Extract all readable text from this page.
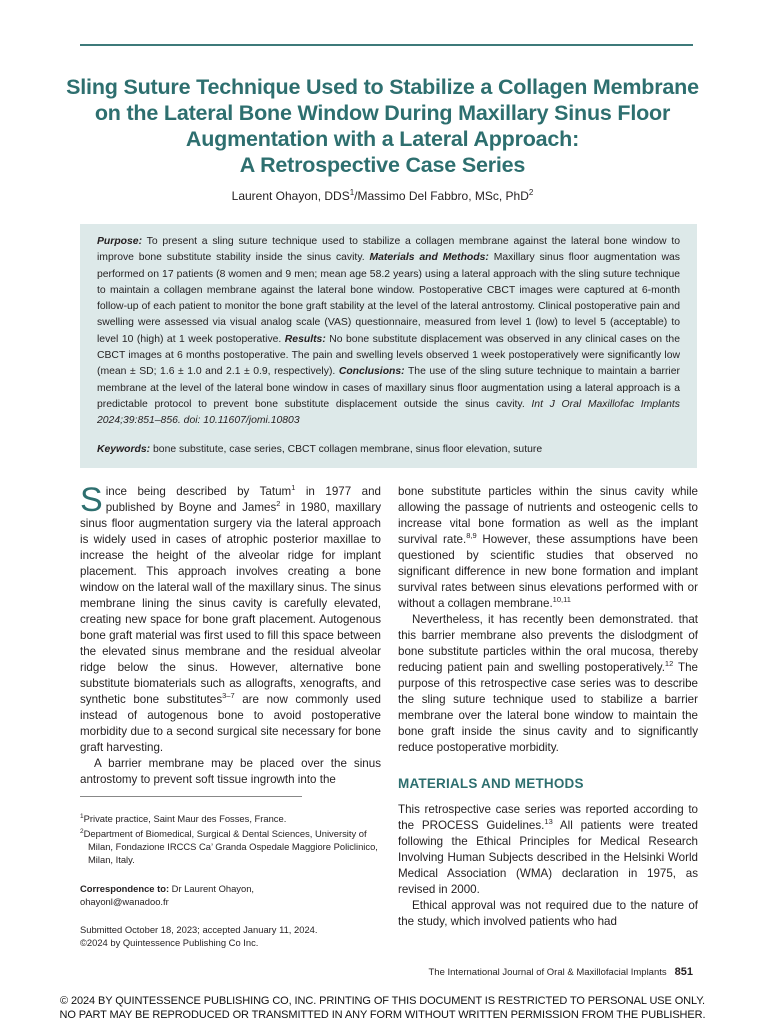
Sling Suture Technique Used to Stabilize a Collagen Membrane
on the Lateral Bone Window During Maxillary Sinus Floor
Augmentation with a Lateral Approach:
A Retrospective Case Series
Laurent Ohayon, DDS$^1$/Massimo Del Fabbro, MSc, PhD$^2$

Purpose: To present a sling suture technique used to stabilize a collagen membrane against the lateral bone window to improve bone substitute stability inside the sinus cavity. Materials and Methods: Maxillary sinus floor augmentation was performed on 17 patients (8 women and 9 men; mean age 58.2 years) using a lateral approach with the sling suture technique to maintain a collagen membrane against the lateral bone window. Postoperative CBCT images were captured at 6-month follow-up of each patient to monitor the bone graft stability at the level of the lateral antrostomy. Clinical postoperative pain and swelling were assessed via visual analog scale (VAS) questionnaire, measured from level 1 (low) to level 5 (acceptable) to level 10 (high) at 1 week postoperative. Results: No bone substitute displacement was observed in any clinical cases on the CBCT images at 6 months postoperative. The pain and swelling levels observed 1 week postoperatively were significantly low (mean ± SD; 1.6 ± 1.0 and 2.1 ± 0.9, respectively). Conclusions: The use of the sling suture technique to maintain a barrier membrane at the level of the lateral bone window in cases of maxillary sinus floor augmentation using a lateral approach is a predictable protocol to prevent bone substitute displacement outside the sinus cavity. Int J Oral Maxillofac Implants 2024;39:851–856. doi: 10.11607/jomi.10803

Keywords: bone substitute, case series, CBCT collagen membrane, sinus floor elevation, suture

Since being described by Tatum$^1$ in 1977 and published by Boyne and James$^2$ in 1980, maxillary sinus floor augmentation surgery via the lateral approach is widely used in cases of atrophic posterior maxillae to increase the height of the alveolar ridge for implant placement. This approach involves creating a bone window on the lateral wall of the maxillary sinus. The sinus membrane lining the sinus cavity is carefully elevated, creating new space for bone graft placement. Autogenous bone graft material was first used to fill this space between the elevated sinus membrane and the residual alveolar ridge below the sinus. However, alternative bone substitute biomaterials such as allografts, xenografts, and synthetic bone substitutes$^{3-7}$ are now commonly used instead of autogenous bone to avoid postoperative morbidity due to a second surgical site necessary for bone graft harvesting.

A barrier membrane may be placed over the sinus antrostomy to prevent soft tissue ingrowth into the

bone substitute particles within the sinus cavity while allowing the passage of nutrients and osteogenic cells to increase vital bone formation as well as the implant survival rate.$^{8,9}$ However, these assumptions have been questioned by scientific studies that observed no significant difference in new bone formation and implant survival rates between sinus elevations performed with or without a collagen membrane.$^{10,11}$

Nevertheless, it has recently been demonstrated. that this barrier membrane also prevents the dislodgment of bone substitute particles within the oral mucosa, thereby reducing patient pain and swelling postoperatively.$^{12}$ The purpose of this retrospective case series was to describe the sling suture technique used to stabilize a barrier membrane over the lateral bone window to maintain the bone graft inside the sinus cavity and to significantly reduce postoperative morbidity.

MATERIALS AND METHODS

This retrospective case series was reported according to the PROCESS Guidelines.$^{13}$ All patients were treated following the Ethical Principles for Medical Research Involving Human Subjects described in the Helsinki World Medical Association (WMA) declaration in 1975, as revised in 2000.

Ethical approval was not required due to the nature of the study, which involved patients who had

$^1$Private practice, Saint Maur des Fosses, France.

$^2$Department of Biomedical, Surgical & Dental Sciences, University of Milan, Fondazione IRCCS Ca’ Granda Ospedale Maggiore Policlinico, Milan, Italy.

Correspondence to: Dr Laurent Ohayon,
ohayonl@wanadoo.fr

Submitted October 18, 2023; accepted January 11, 2024.

©2024 by Quintessence Publishing Co Inc.

The International Journal of Oral & Maxillofacial Implants 851
© 2024 BY QUINTESSENCE PUBLISHING CO, INC. PRINTING OF THIS DOCUMENT IS RESTRICTED TO PERSONAL USE ONLY.
NO PART MAY BE REPRODUCED OR TRANSMITTED IN ANY FORM WITHOUT WRITTEN PERMISSION FROM THE PUBLISHER.
